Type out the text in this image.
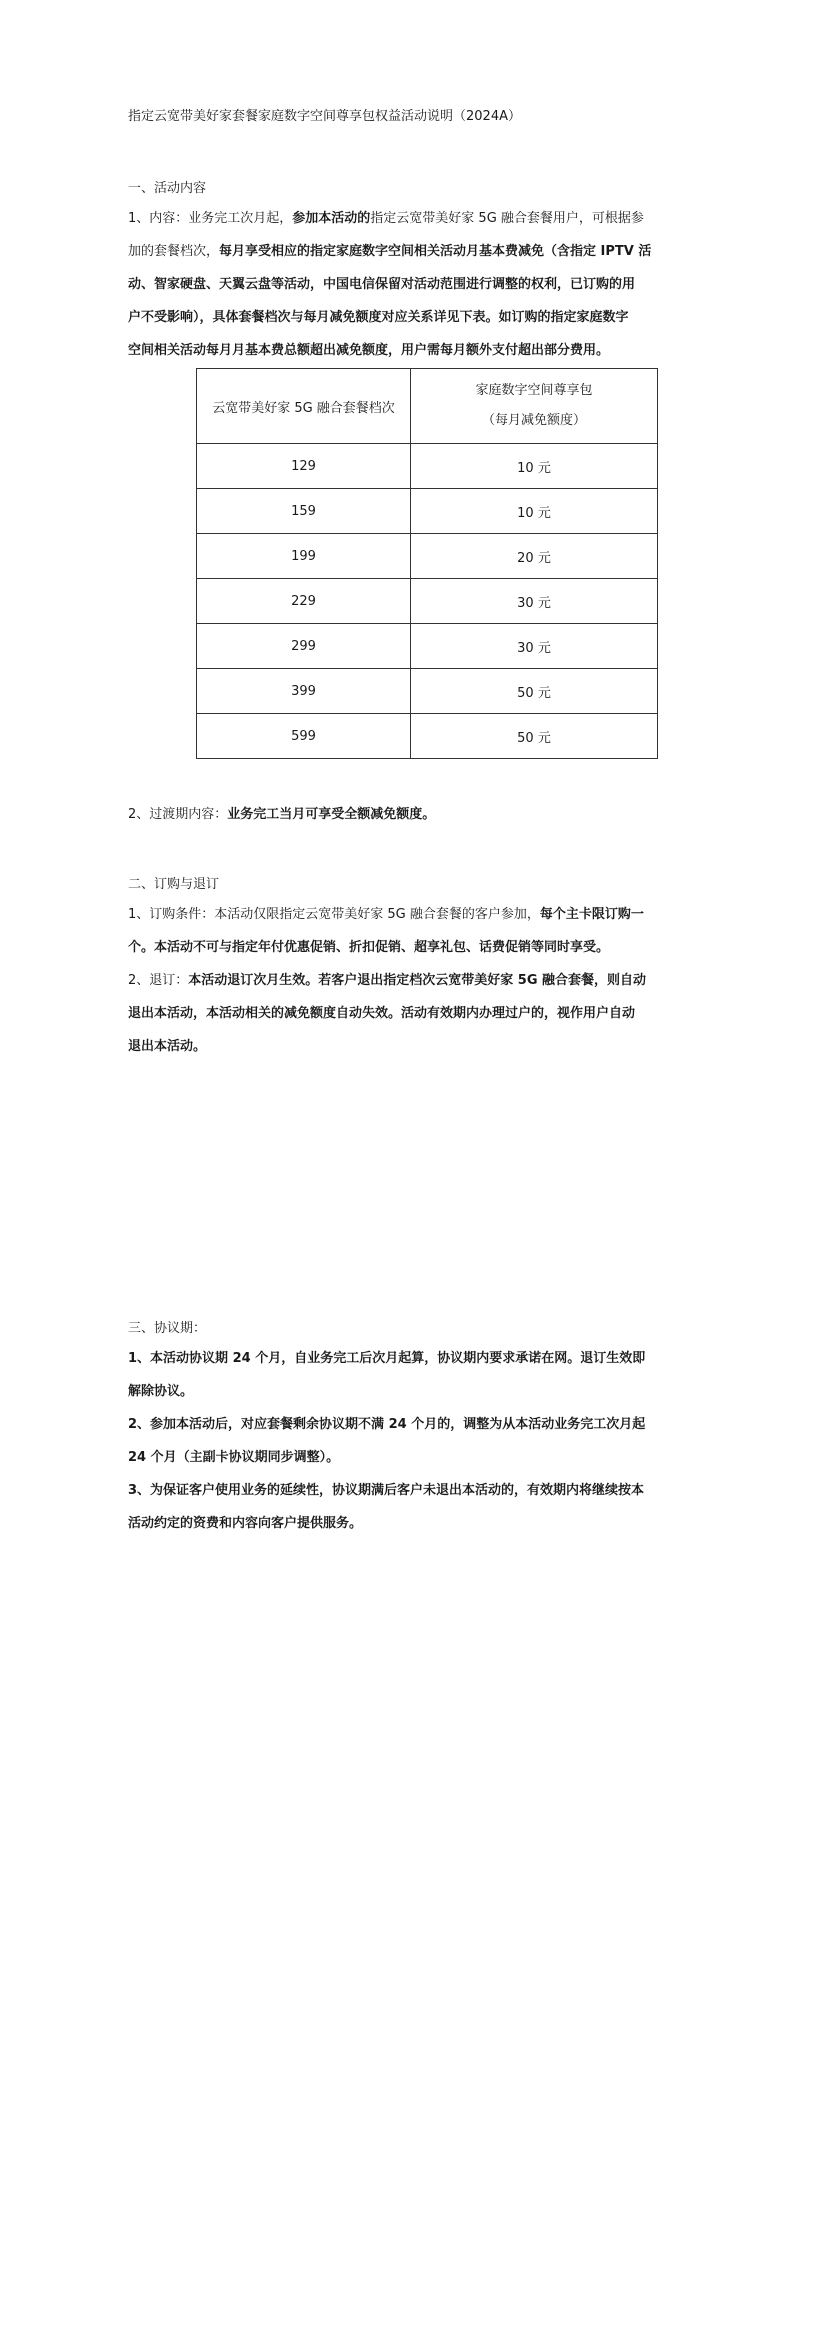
指定云宽带美好家套餐家庭数字空间尊享包权益活动说明（2024A）
一、活动内容
1、内容：业务完工次月起，参加本活动的指定云宽带美好家 5G 融合套餐用户，可根据参
加的套餐档次，每月享受相应的指定家庭数字空间相关活动月基本费减免（含指定 IPTV 活
动、智家硬盘、天翼云盘等活动，中国电信保留对活动范围进行调整的权利，已订购的用
户不受影响），具体套餐档次与每月减免额度对应关系详见下表。如订购的指定家庭数字
空间相关活动每月月基本费总额超出减免额度，用户需每月额外支付超出部分费用。
云宽带美好家 5G 融合套餐档次	家庭数字空间尊享包
（每月减免额度）

129	10 元
159	10 元
199	20 元
229	30 元
299	30 元
399	50 元
599	50 元
2、过渡期内容：业务完工当月可享受全额减免额度。
二、订购与退订
1、订购条件：本活动仅限指定云宽带美好家 5G 融合套餐的客户参加，每个主卡限订购一
个。本活动不可与指定年付优惠促销、折扣促销、超享礼包、话费促销等同时享受。
2、退订：本活动退订次月生效。若客户退出指定档次云宽带美好家 5G 融合套餐，则自动
退出本活动，本活动相关的减免额度自动失效。活动有效期内办理过户的，视作用户自动
退出本活动。
三、协议期：
1、本活动协议期 24 个月，自业务完工后次月起算，协议期内要求承诺在网。退订生效即
解除协议。
2、参加本活动后，对应套餐剩余协议期不满 24 个月的，调整为从本活动业务完工次月起
24 个月（主副卡协议期同步调整）。
3、为保证客户使用业务的延续性，协议期满后客户未退出本活动的，有效期内将继续按本
活动约定的资费和内容向客户提供服务。
